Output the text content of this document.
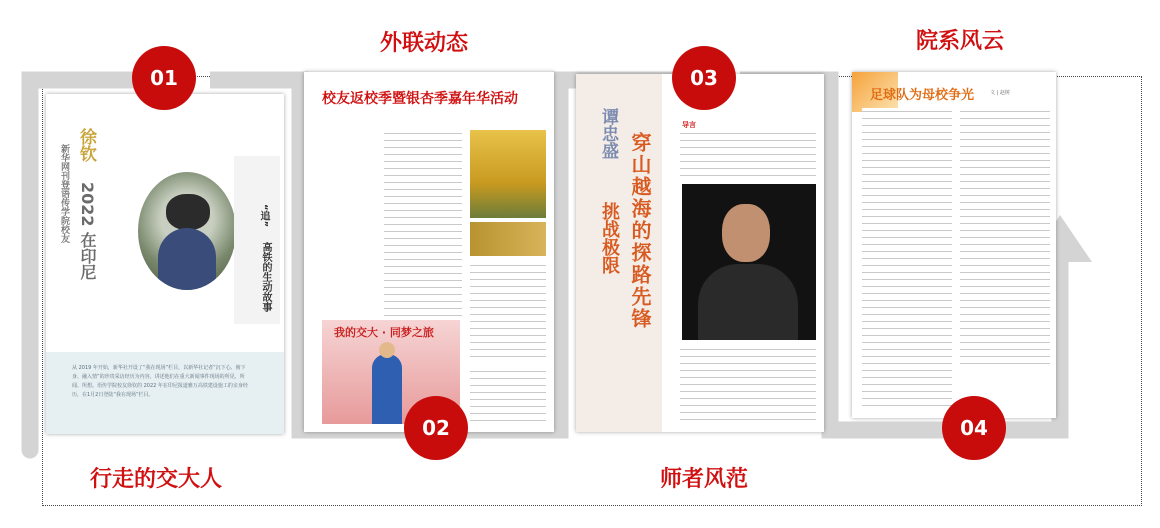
徐钦
2022 在印尼
新华网刊登语传学院校友	“追”
高铁的生动故事
从 2019 年开始，新华社开设了“我在现场”栏目，以新华社记者“沉下心、俯下身、融入情”的珍贵采访经历为内容，讲述他们在重大新闻事件现场的所见、所闻、所想。语传学院校友徐钦的 2022 年在印尼报道雅万高铁建设施工的亲身经历，在1月2日登陆“我在现场”栏目。
校友返校季暨银杏季嘉年华活动
我的交大 · 同梦之旅
谭忠盛
挑战极限 穿山越海的探路先锋
导言
足球队为母校争光	文 | 赵树
01
02
03
04
行走的交大人
外联动态
师者风范
院系风云
